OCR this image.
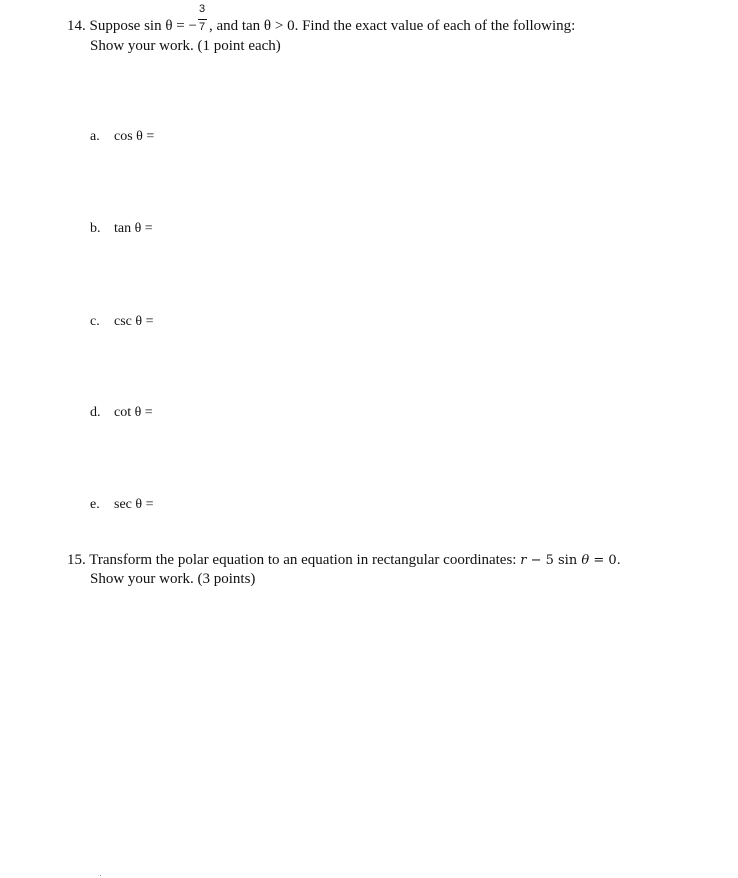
14. Suppose sin θ = − $\frac{3}{7}$ , and tan θ > 0. Find the exact value of each of the following:
Show your work. (1 point each)
a. cos θ =
b. tan θ =
c. csc θ =
d. cot θ =
e. sec θ =
15. Transform the polar equation to an equation in rectangular coordinates: r − 5 sin θ = 0.
Show your work. (3 points)
